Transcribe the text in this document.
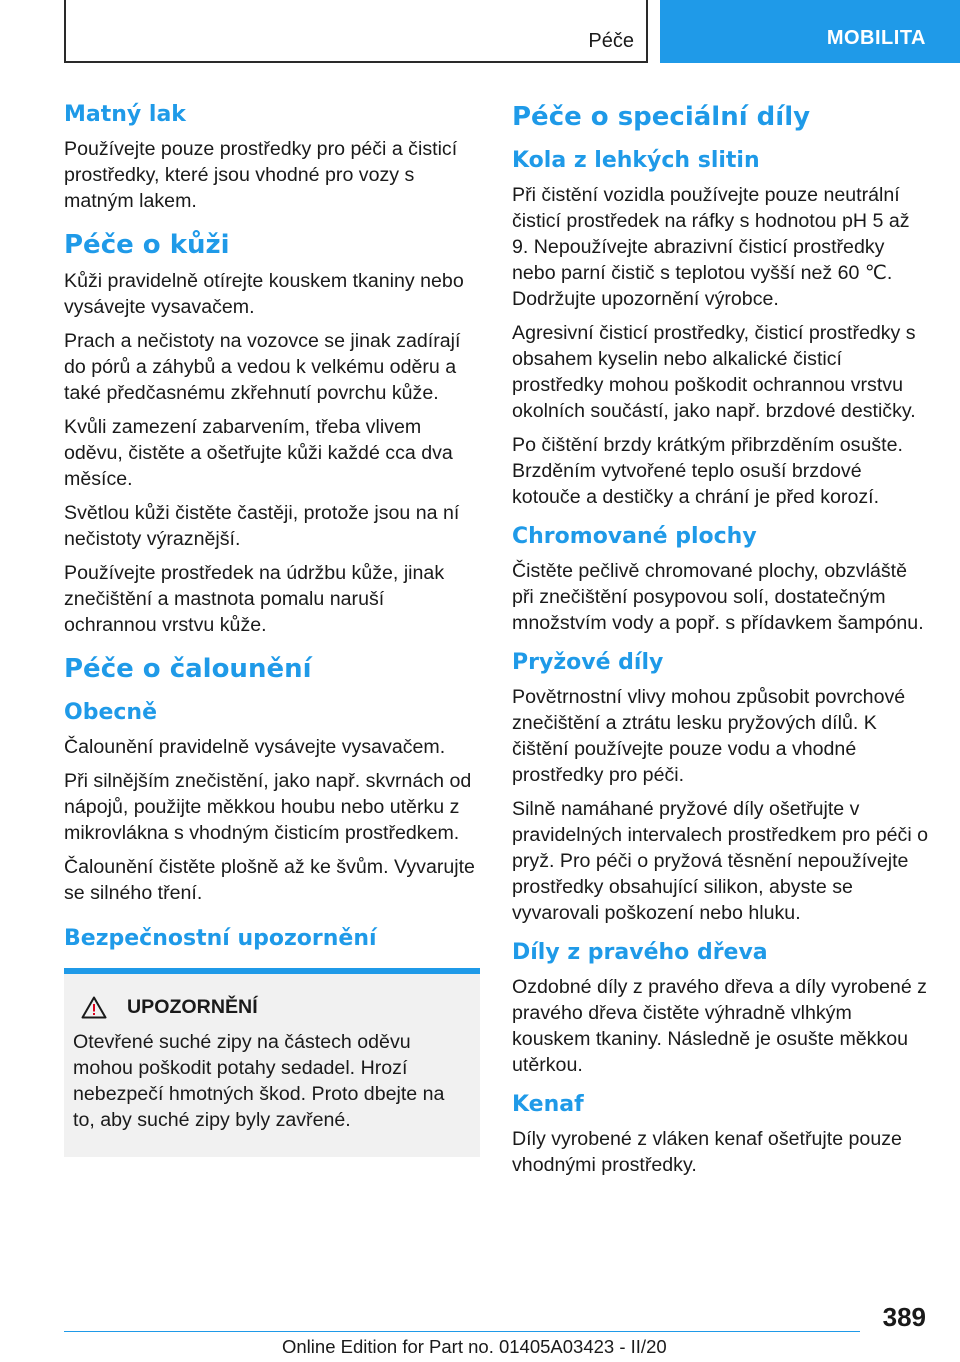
Péče	MOBILITA
Matný lak

Používejte pouze prostředky pro péči a čisticí prostředky, které jsou vhodné pro vozy s matným lakem.

Péče o kůži

Kůži pravidelně otírejte kouskem tkaniny nebo vysávejte vysavačem.

Prach a nečistoty na vozovce se jinak zadírají do pórů a záhybů a vedou k velkému oděru a také předčasnému zkřehnutí povrchu kůže.

Kvůli zamezení zabarvením, třeba vlivem oděvu, čistěte a ošetřujte kůži každé cca dva měsíce.

Světlou kůži čistěte častěji, protože jsou na ní nečistoty výraznější.

Používejte prostředek na údržbu kůže, jinak znečištění a mastnota pomalu naruší ochrannou vrstvu kůže.

Péče o čalounění
Obecně

Čalounění pravidelně vysávejte vysavačem.

Při silnějším znečistění, jako např. skvrnách od nápojů, použijte měkkou houbu nebo utěrku z mikrovlákna s vhodným čisticím prostředkem.

Čalounění čistěte plošně až ke švům. Vyvarujte se silného tření.

Bezpečnostní upozornění
UPOZORNĚNÍ

Otevřené suché zipy na částech oděvu mohou poškodit potahy sedadel. Hrozí nebezpečí hmotných škod. Proto dbejte na to, aby suché zipy byly zavřené.

Péče o speciální díly
Kola z lehkých slitin

Při čistění vozidla používejte pouze neutrální čisticí prostředek na ráfky s hodnotou pH 5 až 9. Nepoužívejte abrazivní čisticí prostředky nebo parní čistič s teplotou vyšší než 60 ℃. Dodržujte upozornění výrobce.

Agresivní čisticí prostředky, čisticí prostředky s obsahem kyselin nebo alkalické čisticí prostředky mohou poškodit ochrannou vrstvu okolních součástí, jako např. brzdové destičky.

Po čištění brzdy krátkým přibrzděním osušte. Brzděním vytvořené teplo osuší brzdové kotouče a destičky a chrání je před korozí.

Chromované plochy

Čistěte pečlivě chromované plochy, obzvláště při znečištění posypovou solí, dostatečným množstvím vody a popř. s přídavkem šampónu.

Pryžové díly

Povětrnostní vlivy mohou způsobit povrchové znečištění a ztrátu lesku pryžových dílů. K čištění používejte pouze vodu a vhodné prostředky pro péči.

Silně namáhané pryžové díly ošetřujte v pravidelných intervalech prostředkem pro péči o pryž. Pro péči o pryžová těsnění nepoužívejte prostředky obsahující silikon, abyste se vyvarovali poškození nebo hluku.

Díly z pravého dřeva

Ozdobné díly z pravého dřeva a díly vyrobené z pravého dřeva čistěte výhradně vlhkým kouskem tkaniny. Následně je osušte měkkou utěrkou.

Kenaf

Díly vyrobené z vláken kenaf ošetřujte pouze vhodnými prostředky.

389
Online Edition for Part no. 01405A03423 - II/20
